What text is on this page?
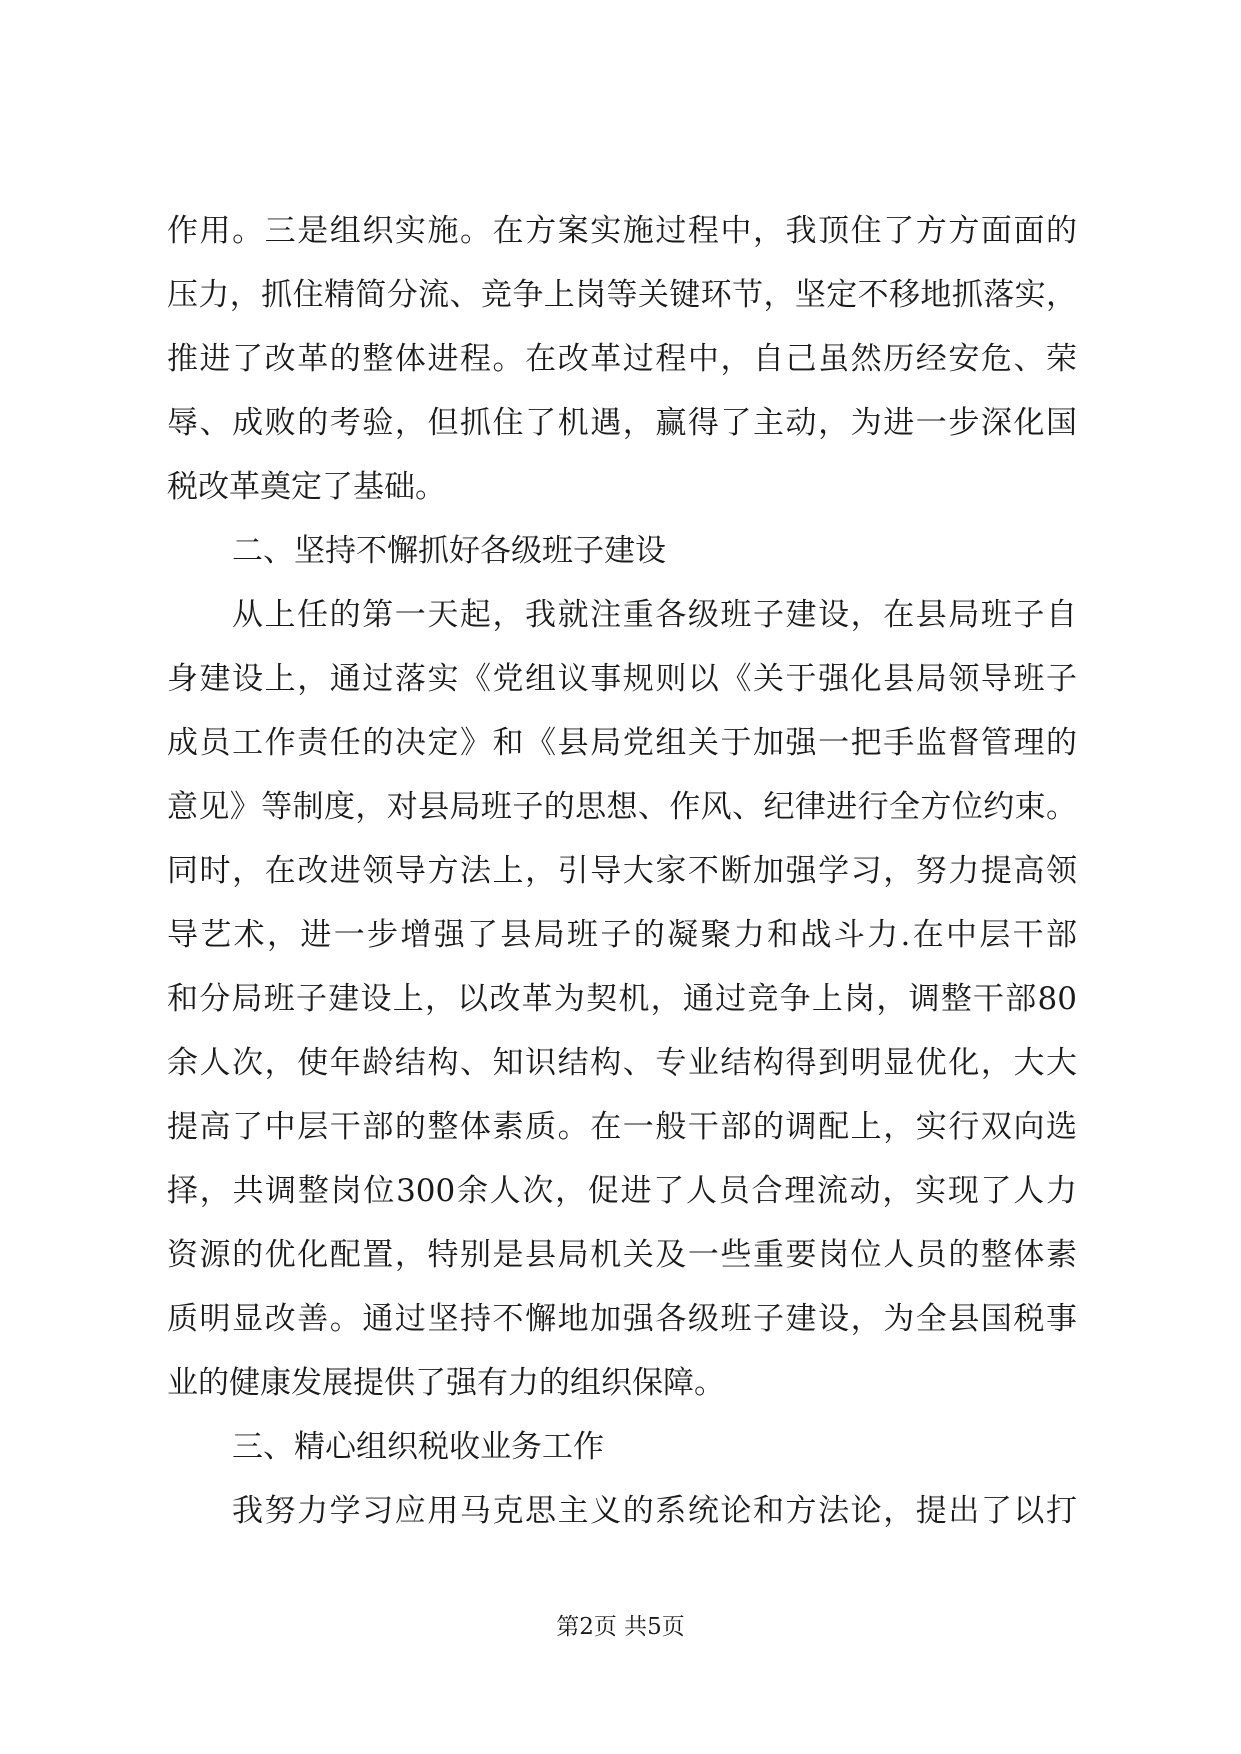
作用。三是组织实施。在方案实施过程中，我顶住了方方面面的
压力，抓住精简分流、竞争上岗等关键环节，坚定不移地抓落实，
推进了改革的整体进程。在改革过程中，自己虽然历经安危、荣
辱、成败的考验，但抓住了机遇，赢得了主动，为进一步深化国
税改革奠定了基础。
二、坚持不懈抓好各级班子建设
从上任的第一天起，我就注重各级班子建设，在县局班子自
身建设上，通过落实《党组议事规则以《关于强化县局领导班子
成员工作责任的决定》和《县局党组关于加强一把手监督管理的
意见》等制度，对县局班子的思想、作风、纪律进行全方位约束。
同时，在改进领导方法上，引导大家不断加强学习，努力提高领
导艺术，进一步增强了县局班子的凝聚力和战斗力.在中层干部
和分局班子建设上，以改革为契机，通过竞争上岗，调整干部80
余人次，使年龄结构、知识结构、专业结构得到明显优化，大大
提高了中层干部的整体素质。在一般干部的调配上，实行双向选
择，共调整岗位300余人次，促进了人员合理流动，实现了人力
资源的优化配置，特别是县局机关及一些重要岗位人员的整体素
质明显改善。通过坚持不懈地加强各级班子建设，为全县国税事
业的健康发展提供了强有力的组织保障。
三、精心组织税收业务工作
我努力学习应用马克思主义的系统论和方法论，提出了以打
第2页 共5页
